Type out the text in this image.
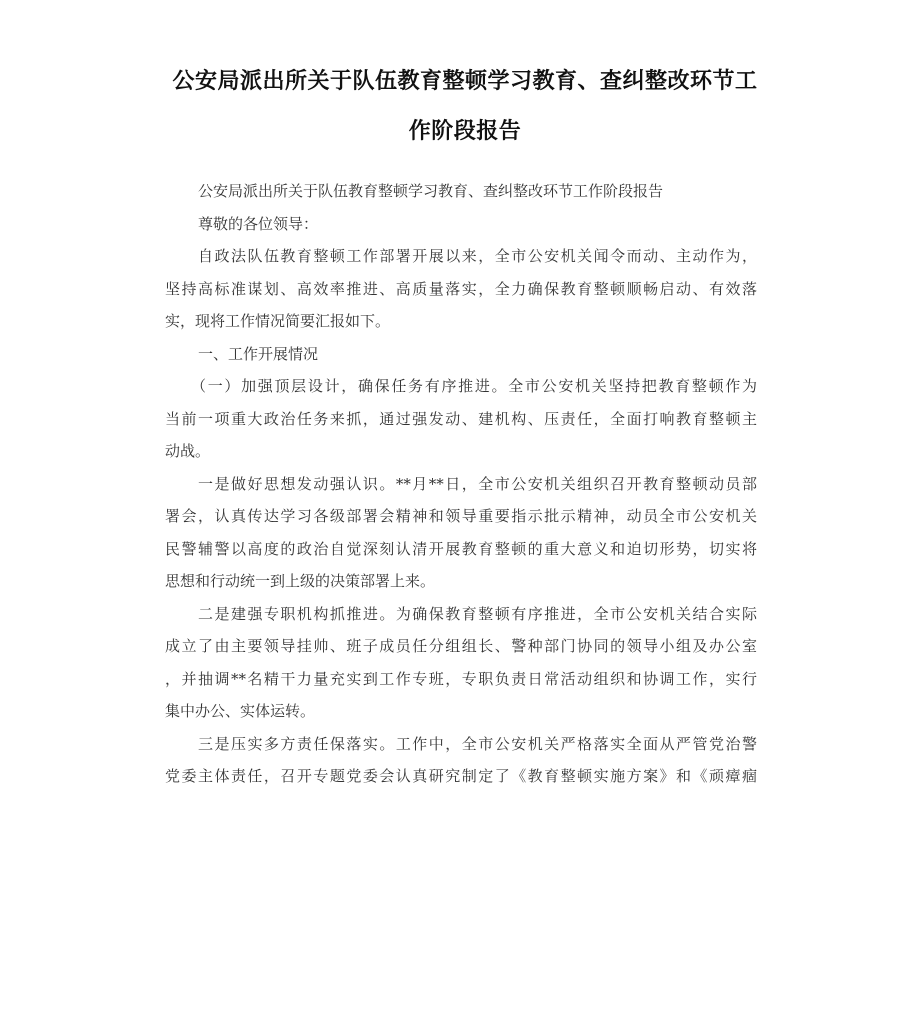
公安局派出所关于队伍教育整顿学习教育、查纠整改环节工
作阶段报告
公安局派出所关于队伍教育整顿学习教育、查纠整改环节工作阶段报告
尊敬的各位领导：
自政法队伍教育整顿工作部署开展以来，全市公安机关闻令而动、主动作为，
坚持高标准谋划、高效率推进、高质量落实，全力确保教育整顿顺畅启动、有效落
实，现将工作情况简要汇报如下。
一、工作开展情况
（一）加强顶层设计，确保任务有序推进。全市公安机关坚持把教育整顿作为
当前一项重大政治任务来抓，通过强发动、建机构、压责任，全面打响教育整顿主
动战。
一是做好思想发动强认识。**月**日，全市公安机关组织召开教育整顿动员部
署会，认真传达学习各级部署会精神和领导重要指示批示精神，动员全市公安机关
民警辅警以高度的政治自觉深刻认清开展教育整顿的重大意义和迫切形势，切实将
思想和行动统一到上级的决策部署上来。
二是建强专职机构抓推进。为确保教育整顿有序推进，全市公安机关结合实际
成立了由主要领导挂帅、班子成员任分组组长、警种部门协同的领导小组及办公室
，并抽调**名精干力量充实到工作专班，专职负责日常活动组织和协调工作，实行
集中办公、实体运转。
三是压实多方责任保落实。工作中，全市公安机关严格落实全面从严管党治警
党委主体责任，召开专题党委会认真研究制定了《教育整顿实施方案》和《顽瘴痼
